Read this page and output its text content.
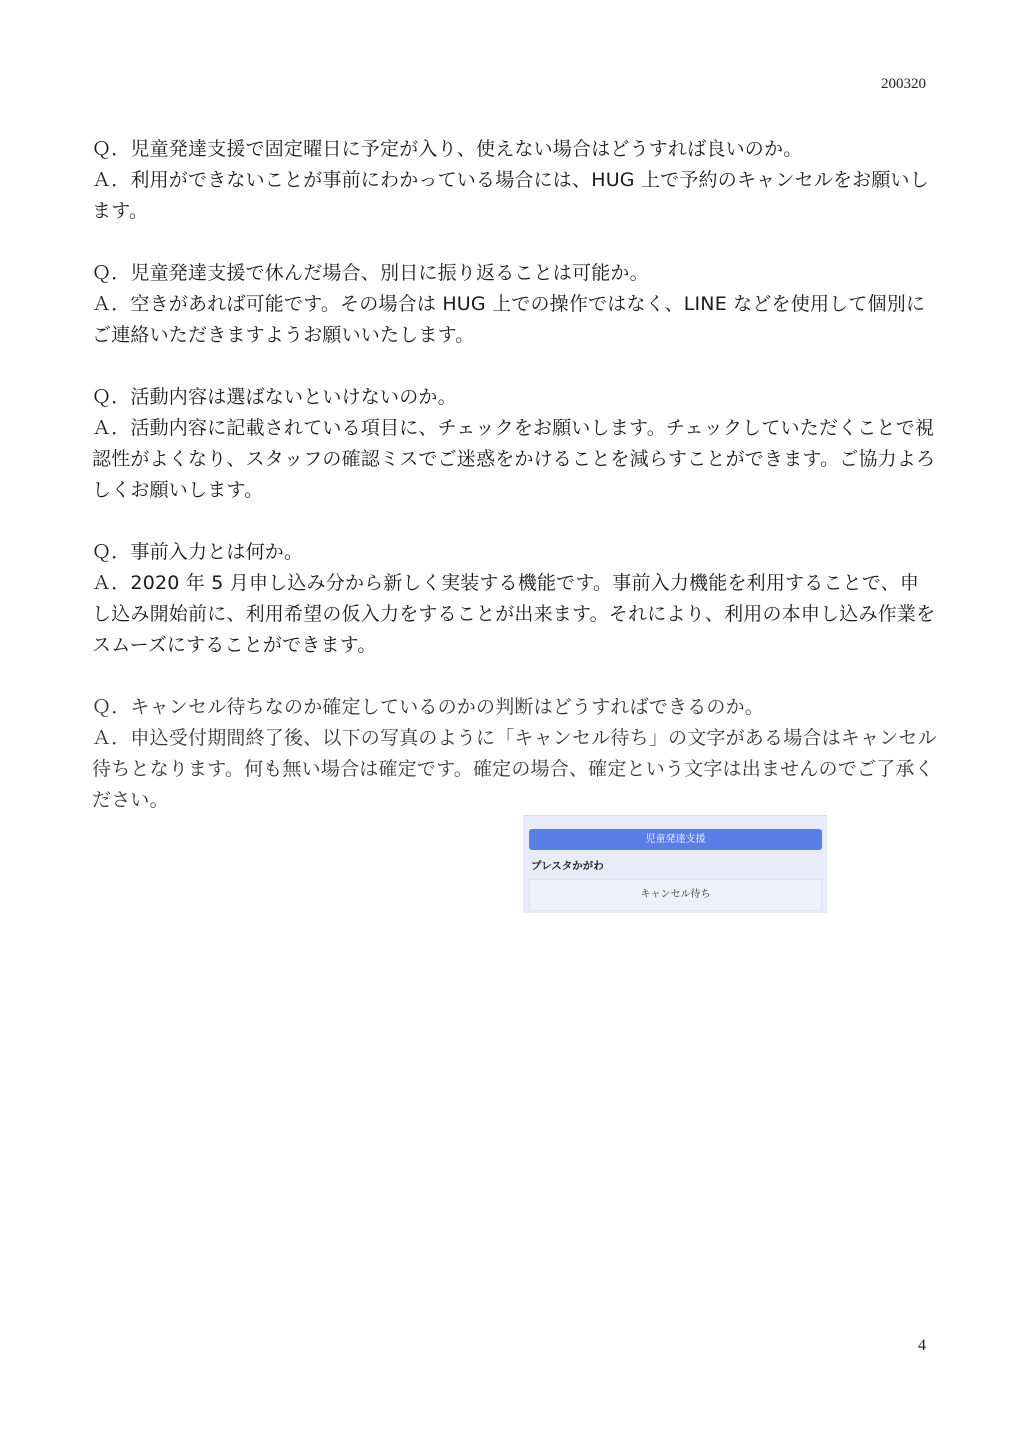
200320

Ｑ．児童発達支援で固定曜日に予定が入り、使えない場合はどうすれば良いのか。

Ａ．利用ができないことが事前にわかっている場合には、HUG 上で予約のキャンセルをお願いします。

Ｑ．児童発達支援で休んだ場合、別日に振り返ることは可能か。

Ａ．空きがあれば可能です。その場合は HUG 上での操作ではなく、LINE などを使用して個別にご連絡いただきますようお願いいたします。

Ｑ．活動内容は選ばないといけないのか。

Ａ．活動内容に記載されている項目に、チェックをお願いします。チェックしていただくことで視認性がよくなり、スタッフの確認ミスでご迷惑をかけることを減らすことができます。ご協力よろしくお願いします。

Ｑ．事前入力とは何か。

Ａ．2020 年 5 月申し込み分から新しく実装する機能です。事前入力機能を利用することで、申し込み開始前に、利用希望の仮入力をすることが出来ます。それにより、利用の本申し込み作業をスムーズにすることができます。

Ｑ．キャンセル待ちなのか確定しているのかの判断はどうすればできるのか。

Ａ．申込受付期間終了後、以下の写真のように「キャンセル待ち」の文字がある場合はキャンセル待ちとなります。何も無い場合は確定です。確定の場合、確定という文字は出ませんのでご了承ください。

児童発達支援
プレスタかがわ
キャンセル待ち
4
